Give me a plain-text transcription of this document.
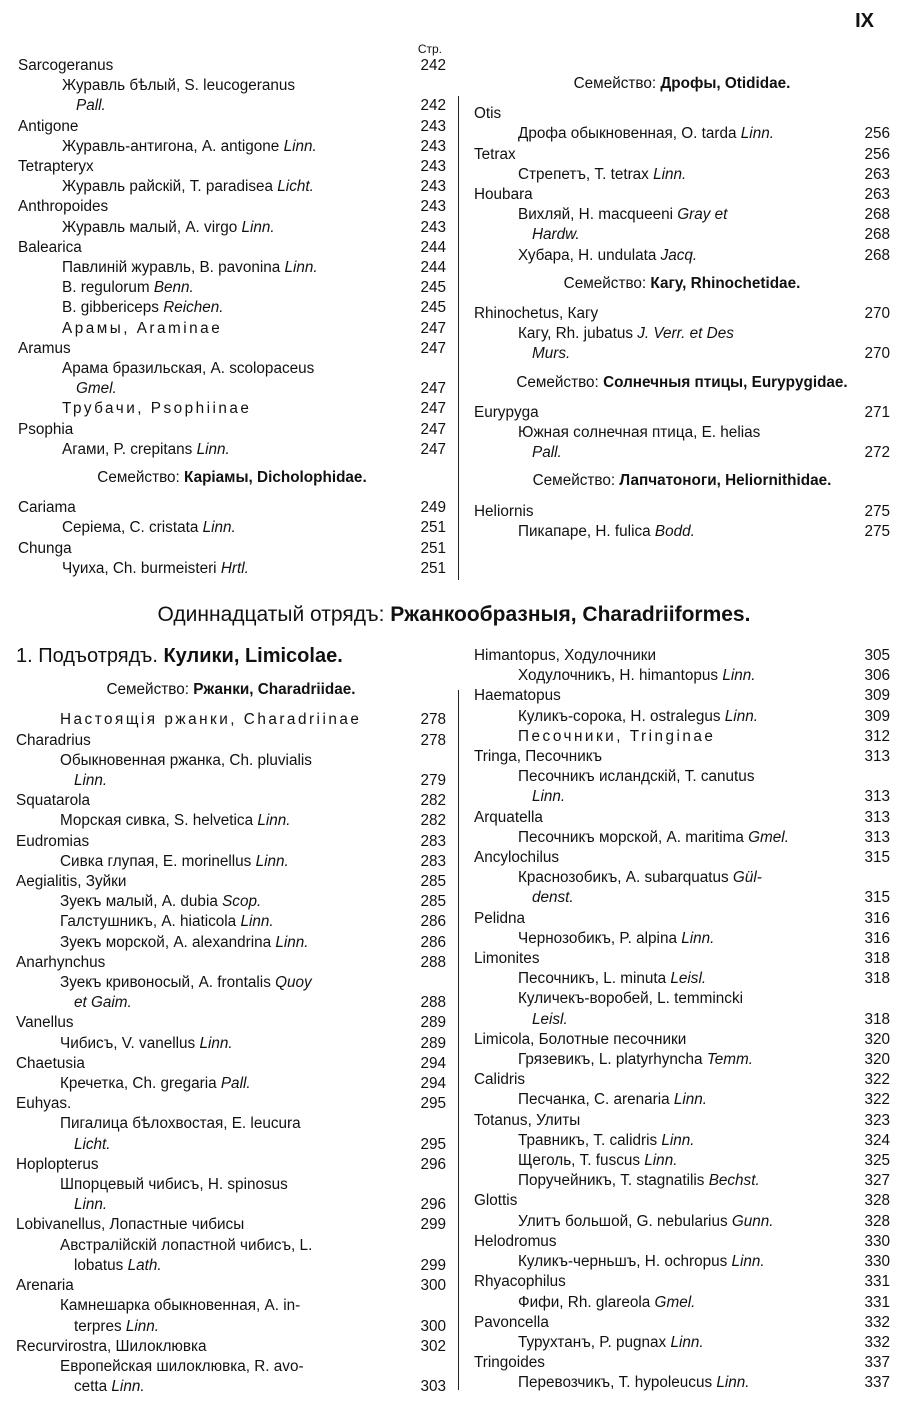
IX
Стр.
Sarcogeranus	242
Журавль бѣлый, S. leucogeranus
Pall.	242
Antigone	243
Журавль-антигона, A. antigone Linn.	243
Tetrapteryx	243
Журавль райскій, T. paradisea Licht.	243
Anthropoides	243
Журавль малый, A. virgo Linn.	243
Balearica	244
Павлиній журавль, B. pavonina Linn.	244
B. regulorum Benn.	245
B. gibbericeps Reichen.	245
Арамы, Araminae	247
Aramus	247
Арама бразильская, A. scolopaceus
Gmel.	247
Трубачи, Psophiinae	247
Psophia	247
Агами, P. crepitans Linn.	247
Семейство: Каріамы, Dicholophidae.
Cariama	249
Серіема, C. cristata Linn.	251
Chunga	251
Чуиха, Ch. burmeisteri Hrtl.	251
Семейство: Дрофы, Otididae.
Otis
Дрофа обыкновенная, O. tarda Linn.	256
Tetrax	256
Стрепетъ, T. tetrax Linn.	263
Houbara	263
Вихляй, H. macqueeni Gray et	268
Hardw.	268
Хубара, H. undulata Jacq.	268
Семейство: Кагу, Rhinochetidae.
Rhinochetus, Кагу	270
Кагу, Rh. jubatus J. Verr. et Des
Murs.	270
Семейство: Солнечныя птицы, Eurypygidae.
Eurypyga	271
Южная солнечная птица, E. helias
Pall.	272
Семейство: Лапчатоноги, Heliornithidae.
Heliornis	275
Пикапаре, H. fulica Bodd.	275
Одиннадцатый отрядъ: Ржанкообразныя, Charadriiformes.
1. Подъотрядъ. Кулики, Limicolae.
Семейство: Ржанки, Charadriidae.
Настоящія ржанки, Charadriinae	278
Charadrius	278
Обыкновенная ржанка, Ch. pluvialis
Linn.	279
Squatarola	282
Морская сивка, S. helvetica Linn.	282
Eudromias	283
Сивка глупая, E. morinellus Linn.	283
Aegialitis, Зуйки	285
Зуекъ малый, A. dubia Scop.	285
Галстушникъ, A. hiaticola Linn.	286
Зуекъ морской, A. alexandrina Linn.	286
Anarhynchus	288
Зуекъ кривоносый, A. frontalis Quoy
et Gaim.	288
Vanellus	289
Чибисъ, V. vanellus Linn.	289
Chaetusia	294
Кречетка, Ch. gregaria Pall.	294
Euhyas.	295
Пигалица бѣлохвостая, E. leucura
Licht.	295
Hoplopterus	296
Шпорцевый чибисъ, H. spinosus
Linn.	296
Lobivanellus, Лопастные чибисы	299
Австралійскій лопастной чибисъ, L.
lobatus Lath.	299
Arenaria	300
Камнешарка обыкновенная, A. in-
terpres Linn.	300
Recurvirostra, Шилоклювка	302
Европейская шилоклювка, R. avo-
cetta Linn.	303
Himantopus, Ходулочники	305
Ходулочникъ, H. himantopus Linn.	306
Haematopus	309
Куликъ-сорока, H. ostralegus Linn.	309
Песочники, Tringinae	312
Tringa, Песочникъ	313
Песочникъ исландскій, T. canutus
Linn.	313
Arquatella	313
Песочникъ морской, A. maritima Gmel.	313
Ancylochilus	315
Краснозобикъ, A. subarquatus Gül-
denst.	315
Pelidna	316
Чернозобикъ, P. alpina Linn.	316
Limonites	318
Песочникъ, L. minuta Leisl.	318
Куличекъ-воробей, L. temmincki
Leisl.	318
Limicola, Болотные песочники	320
Грязевикъ, L. platyrhyncha Temm.	320
Calidris	322
Песчанка, C. arenaria Linn.	322
Totanus, Улиты	323
Травникъ, T. calidris Linn.	324
Щеголь, T. fuscus Linn.	325
Поручейникъ, T. stagnatilis Bechst.	327
Glottis	328
Улитъ большой, G. nebularius Gunn.	328
Helodromus	330
Куликъ-черньшъ, H. ochropus Linn.	330
Rhyacophilus	331
Фифи, Rh. glareola Gmel.	331
Pavoncella	332
Турухтанъ, P. pugnax Linn.	332
Tringoides	337
Перевозчикъ, T. hypoleucus Linn.	337
